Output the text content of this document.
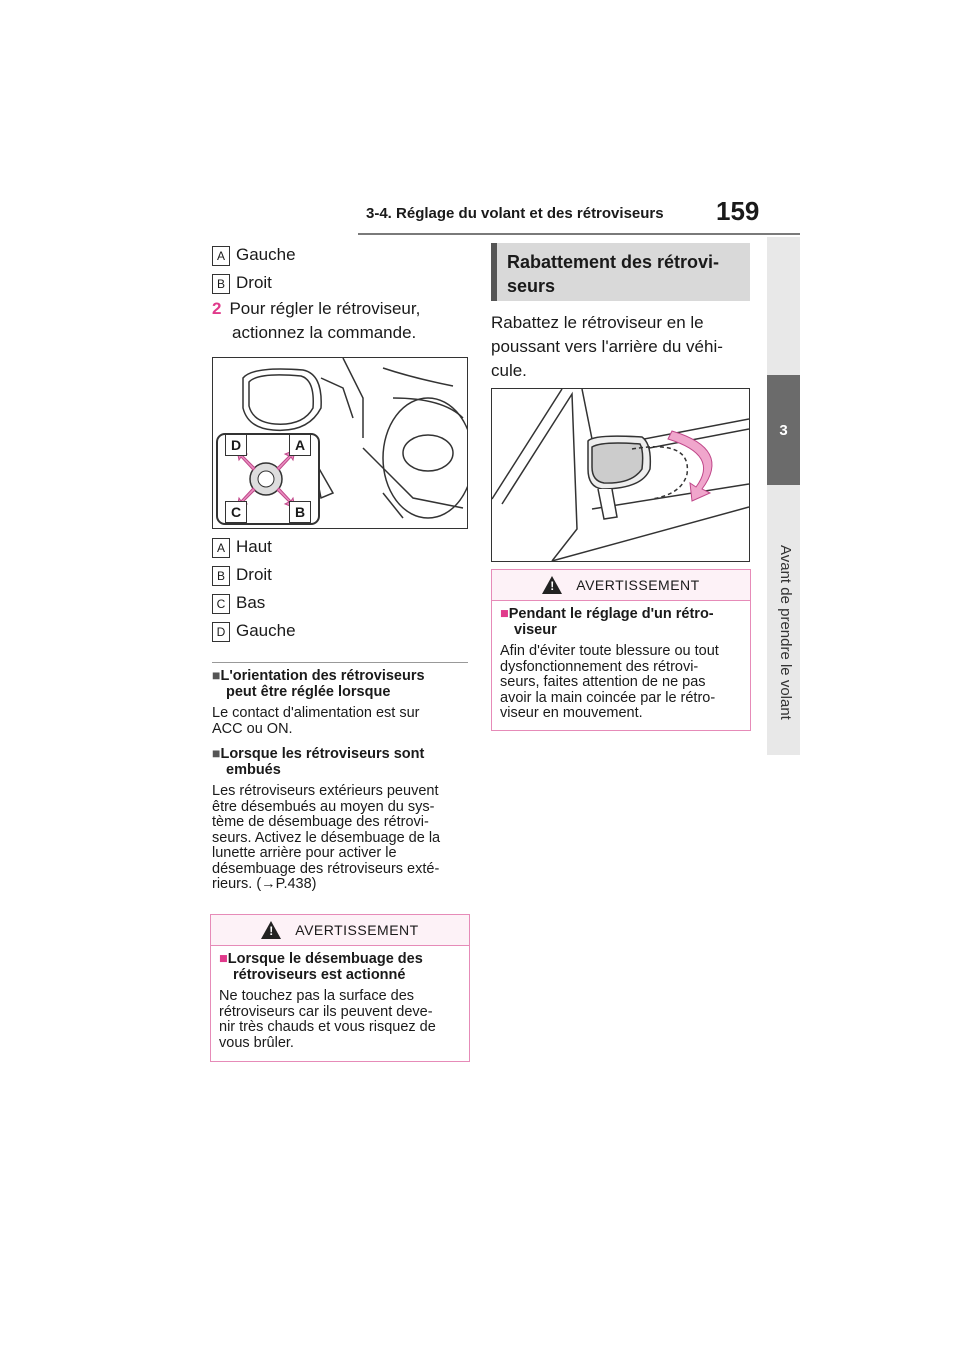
3-4. Réglage du volant et des rétroviseurs 159
3
Avant de prendre le volant
A Gauche
B Droit
2 Pour régler le rétroviseur,
actionnez la commande.
D	A
C	B
A Haut
B Droit
C Bas
D Gauche
■L'orientation des rétroviseurs
peut être réglée lorsque
Le contact d'alimentation est sur
ACC ou ON.
■Lorsque les rétroviseurs sont
embués
Les rétroviseurs extérieurs peuvent
être désembués au moyen du sys-
tème de désembuage des rétrovi-
seurs. Activez le désembuage de la
lunette arrière pour activer le
désembuage des rétroviseurs exté-
rieurs. (→P.438)
!
AVERTISSEMENT
■Lorsque le désembuage des
rétroviseurs est actionné
Ne touchez pas la surface des
rétroviseurs car ils peuvent deve-
nir très chauds et vous risquez de
vous brûler.
Rabattement des rétrovi-
seurs
Rabattez le rétroviseur en le
poussant vers l'arrière du véhi-
cule.
!
AVERTISSEMENT
■Pendant le réglage d'un rétro-
viseur
Afin d'éviter toute blessure ou tout
dysfonctionnement des rétrovi-
seurs, faites attention de ne pas
avoir la main coincée par le rétro-
viseur en mouvement.
